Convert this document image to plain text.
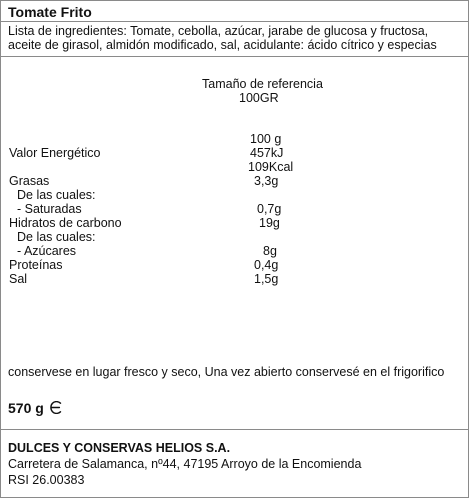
Tomate Frito
Lista de ingredientes: Tomate, cebolla, azúcar, jarabe de glucosa y fructosa,
aceite de girasol, almidón modificado, sal, acidulante: ácido cítrico y especias
Tamaño de referencia
100GR
100 g
Valor Energético	457kJ
109Kcal
Grasas	3,3g
De las cuales:
- Saturadas	0,7g
Hidratos de carbono	19g
De las cuales:
- Azúcares	8g
Proteínas	0,4g
Sal	1,5g
conservese en lugar fresco y seco, Una vez abierto conservesé en el frigorifico
570 g
DULCES Y CONSERVAS HELIOS S.A.
Carretera de Salamanca, nº44, 47195 Arroyo de la Encomienda
RSI 26.00383
